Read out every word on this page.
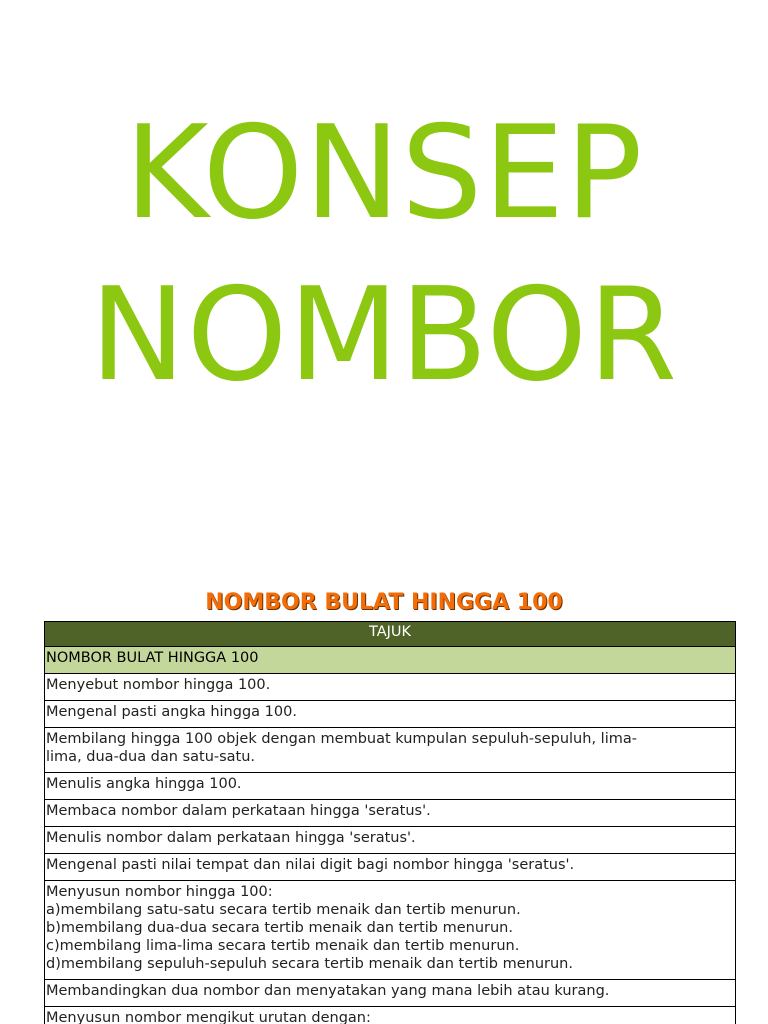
KONSEP
NOMBOR
NOMBOR BULAT HINGGA 100
TAJUK
NOMBOR BULAT HINGGA 100

Menyebut nombor hingga 100.

Mengenal pasti angka hingga 100.

Membilang hingga 100 objek dengan membuat kumpulan sepuluh-sepuluh, lima-
lima, dua-dua dan satu-satu.

Menulis angka hingga 100.

Membaca nombor dalam perkataan hingga 'seratus'.

Menulis nombor dalam perkataan hingga 'seratus'.

Mengenal pasti nilai tempat dan nilai digit bagi nombor hingga 'seratus'.

Menyusun nombor hingga 100:
a)membilang satu-satu secara tertib menaik dan tertib menurun.
b)membilang dua-dua secara tertib menaik dan tertib menurun.
c)membilang lima-lima secara tertib menaik dan tertib menurun.
d)membilang sepuluh-sepuluh secara tertib menaik dan tertib menurun.

Membandingkan dua nombor dan menyatakan yang mana lebih atau kurang.

Menyusun nombor mengikut urutan dengan:
